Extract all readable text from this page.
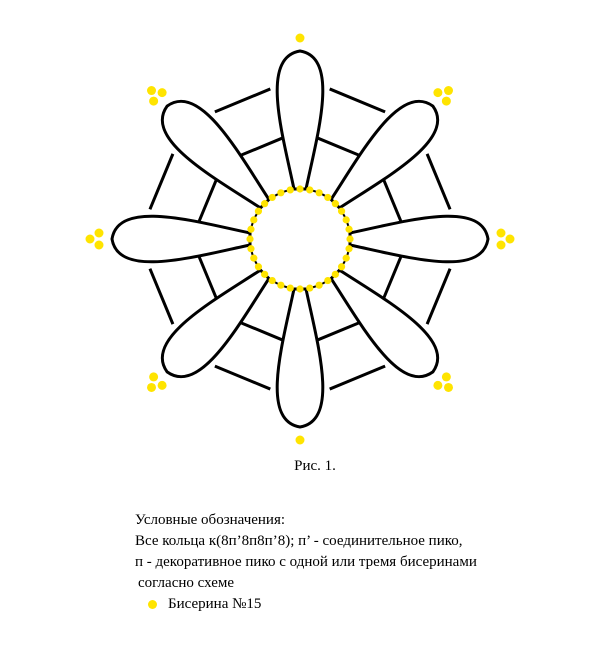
Рис. 1.
Условные обозначения:
Все кольца к(8п’8п8п’8); п’ - соединительное пико,
п - декоративное пико с одной или тремя бисеринами
согласно схеме
Бисерина №15
